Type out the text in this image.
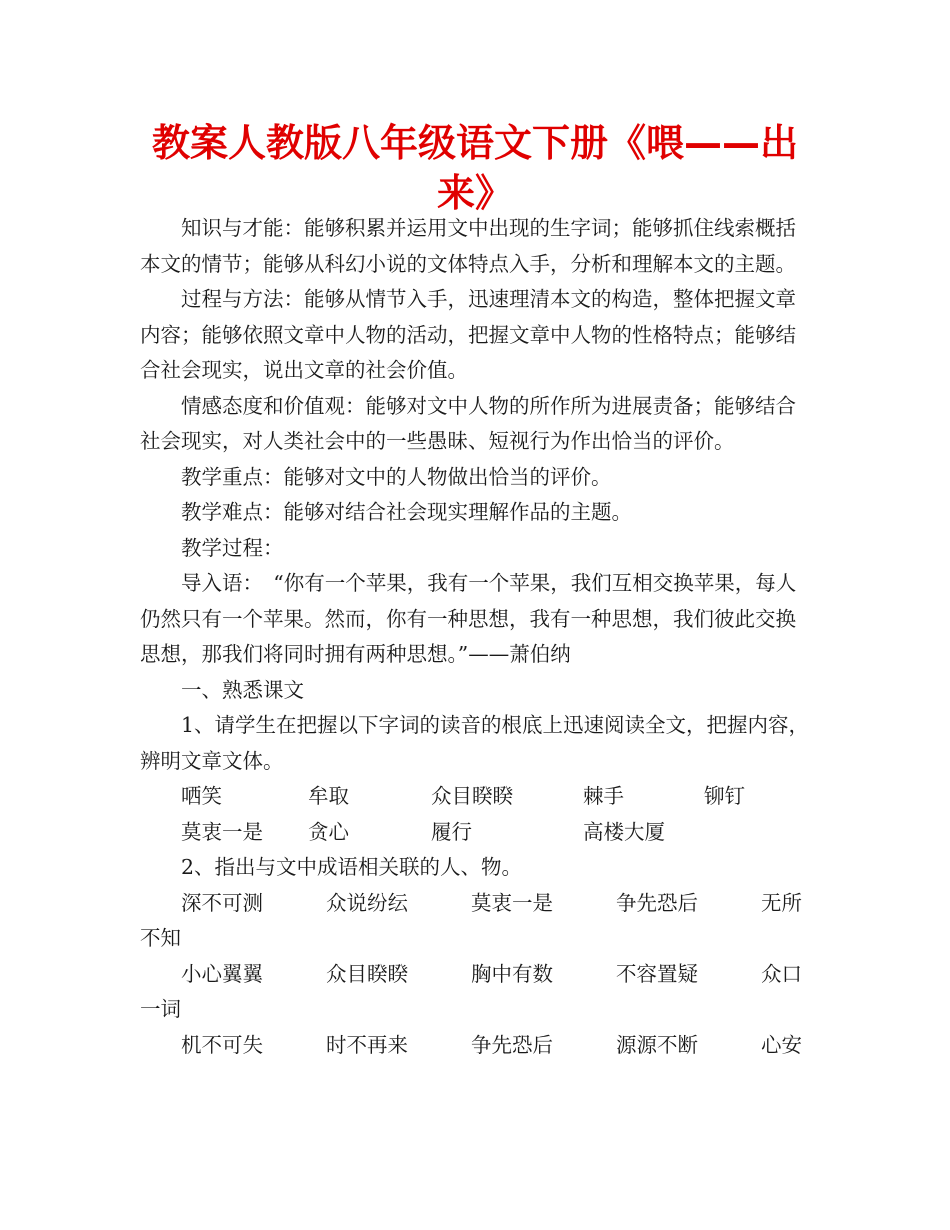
教案人教版八年级语文下册《喂——出来》

知识与才能：能够积累并运用文中出现的生字词；能够抓住线索概括本文的情节；能够从科幻小说的文体特点入手，分析和理解本文的主题。

过程与方法：能够从情节入手，迅速理清本文的构造，整体把握文章内容；能够依照文章中人物的活动，把握文章中人物的性格特点；能够结合社会现实，说出文章的社会价值。

情感态度和价值观：能够对文中人物的所作所为进展责备；能够结合社会现实，对人类社会中的一些愚昧、短视行为作出恰当的评价。

教学重点：能够对文中的人物做出恰当的评价。

教学难点：能够对结合社会现实理解作品的主题。

教学过程：

导入语：　“你有一个苹果，我有一个苹果，我们互相交换苹果，每人仍然只有一个苹果。然而，你有一种思想，我有一种思想，我们彼此交换思想，那我们将同时拥有两种思想。”——萧伯纳

一、熟悉课文

1、请学生在把握以下字词的读音的根底上迅速阅读全文，把握内容，辨明文章文体。

哂笑	牟取	众目睽睽	棘手	铆钉
莫衷一是	贪心	履行	高楼大厦

2、指出与文中成语相关联的人、物。

深不可测	众说纷纭	莫衷一是	争先恐后	无所

不知

小心翼翼	众目睽睽	胸中有数	不容置疑	众口

一词

机不可失	时不再来	争先恐后	源源不断	心安
